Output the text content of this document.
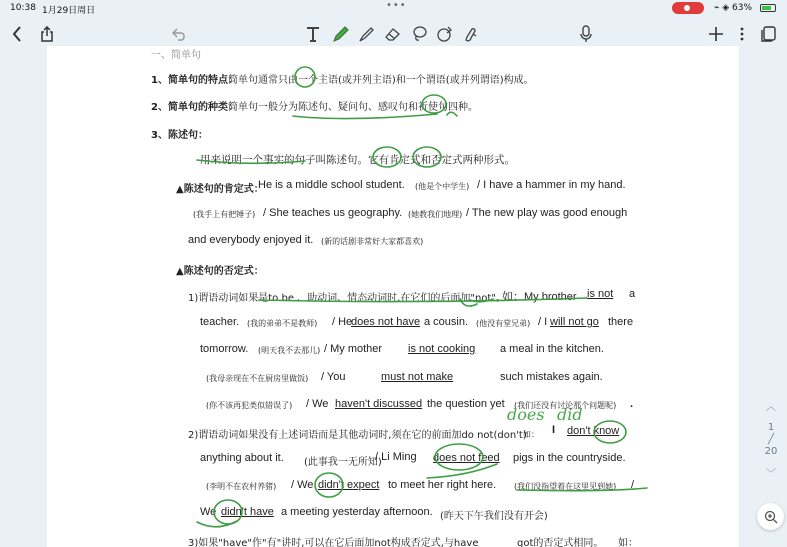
10:38 1月29日周日	•••	⌁ ◈ 63%
一、简单句
1、简单句的特点：
简单句通常只由一个主语(或并列主语)和一个谓语(或并列谓语)构成。
2、简单句的种类：
简单句一般分为陈述句、疑问句、感叹句和祈使句四种。
3、陈述句：
用来说明一个事实的句子叫陈述句。它有肯定式和否定式两种形式。
▲陈述句的肯定式：
He is a middle school student. (他是个中学生) / I have a hammer in my hand.
(我手上有把锤子) / She teaches us geography. (她教我们地理) / The new play was good enough
and everybody enjoyed it. (新的话剧非常好大家都喜欢)
▲陈述句的否定式：
1)谓语动词如果是to be 、助动词、情态动词时,在它们的后面加"not"。
如：My brother is not a
teacher. (我的弟弟不是教师) / He
does not have a cousin. (他没有堂兄弟) / I will not go there
tomorrow. (明天我不去那儿) / My mother is not cooking a meal in the kitchen.
(我母亲现在不在厨房里做饭) / You	must not make	such mistakes again.
(你不该再犯类似错误了) / We haven't discussed the question yet (我们还没有讨论那个问题呢) .
2)谓语动词如果没有上述词语而是其他动词时,须在它的前面加do not(don't)
如： I don't know
anything about it. (此事我一无所知)
/ Li Ming does not feed pigs in the countryside.
(李明不在农村养猪) / We didn't expect to meet her right here. (我们没指望着在这里见到她) /
We didn't have a meeting yesterday afternoon. (昨天下午我们没有开会)
3)如果"have"作"有"讲时,可以在它后面加not构成否定式,与have	got的否定式相同。 如：
does did	︿
1
╱
20
﹀
